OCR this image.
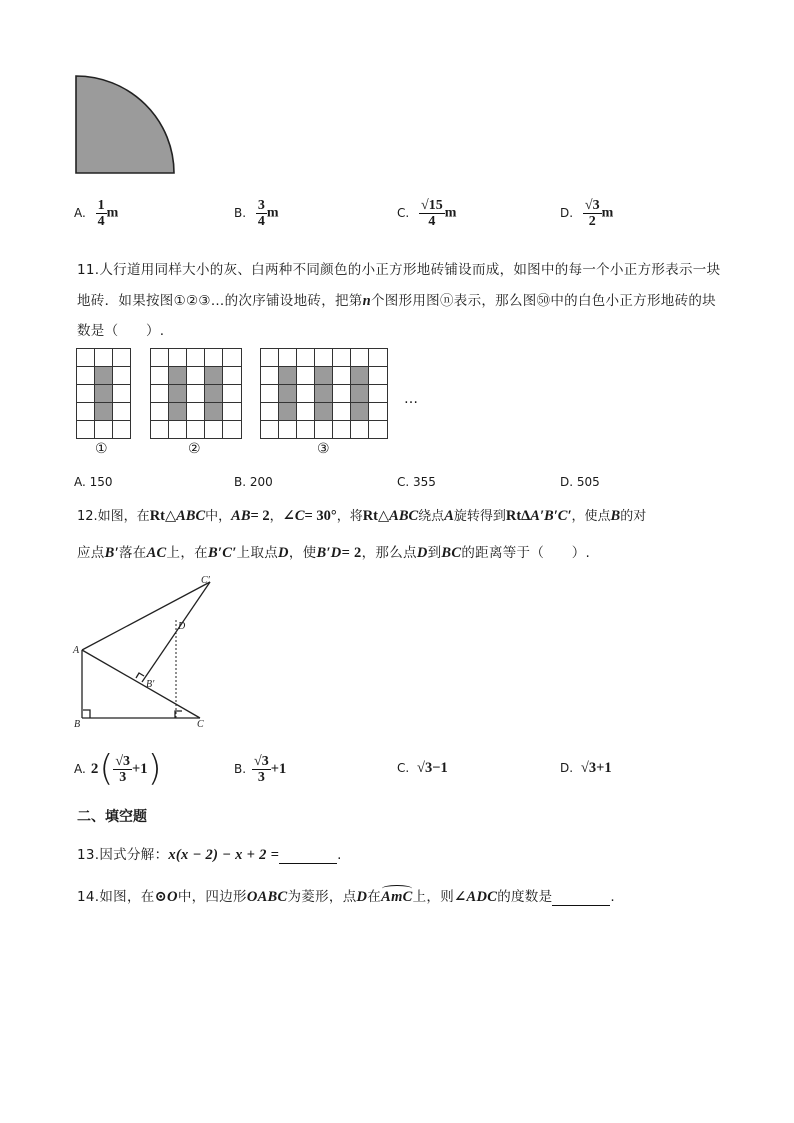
A. $\frac{1}{4}$ m	B. $\frac{3}{4}$ m	C. $\frac{√15}{4}$ m	D. $\frac{√3}{2}$ m
11.人行道用同样大小的灰、白两种不同颜色的小正方形地砖铺设而成，如图中的每一个小正方形表示一块
地砖．如果按图①②③…的次序铺设地砖，把第n个图形用图ⓝ表示，那么图㊿中的白色小正方形地砖的块
数是（　　）.
①	②	③
…
A. 150	B. 200	C. 355	D. 505
12.如图，在Rt△ABC中，AB= 2，∠C= 30°，将Rt△ABC绕点A旋转得到RtΔA′B′C′，使点B的对
应点B′落在AC上，在B′C′上取点D，使B′D= 2，那么点D到BC的距离等于（　　）.
C′
D
A
B′
B	C
A. 2 ( $\frac{√3}{3} +1$ )	B. $\frac{√3}{3} +1$	C. √3−1	D. √3+1
二、填空题
13.因式分解：x(x − 2) − x + 2 =	.
14.如图，在⊙O中，四边形OABC为菱形，点D在AmC上，则∠ADC的度数是	.
